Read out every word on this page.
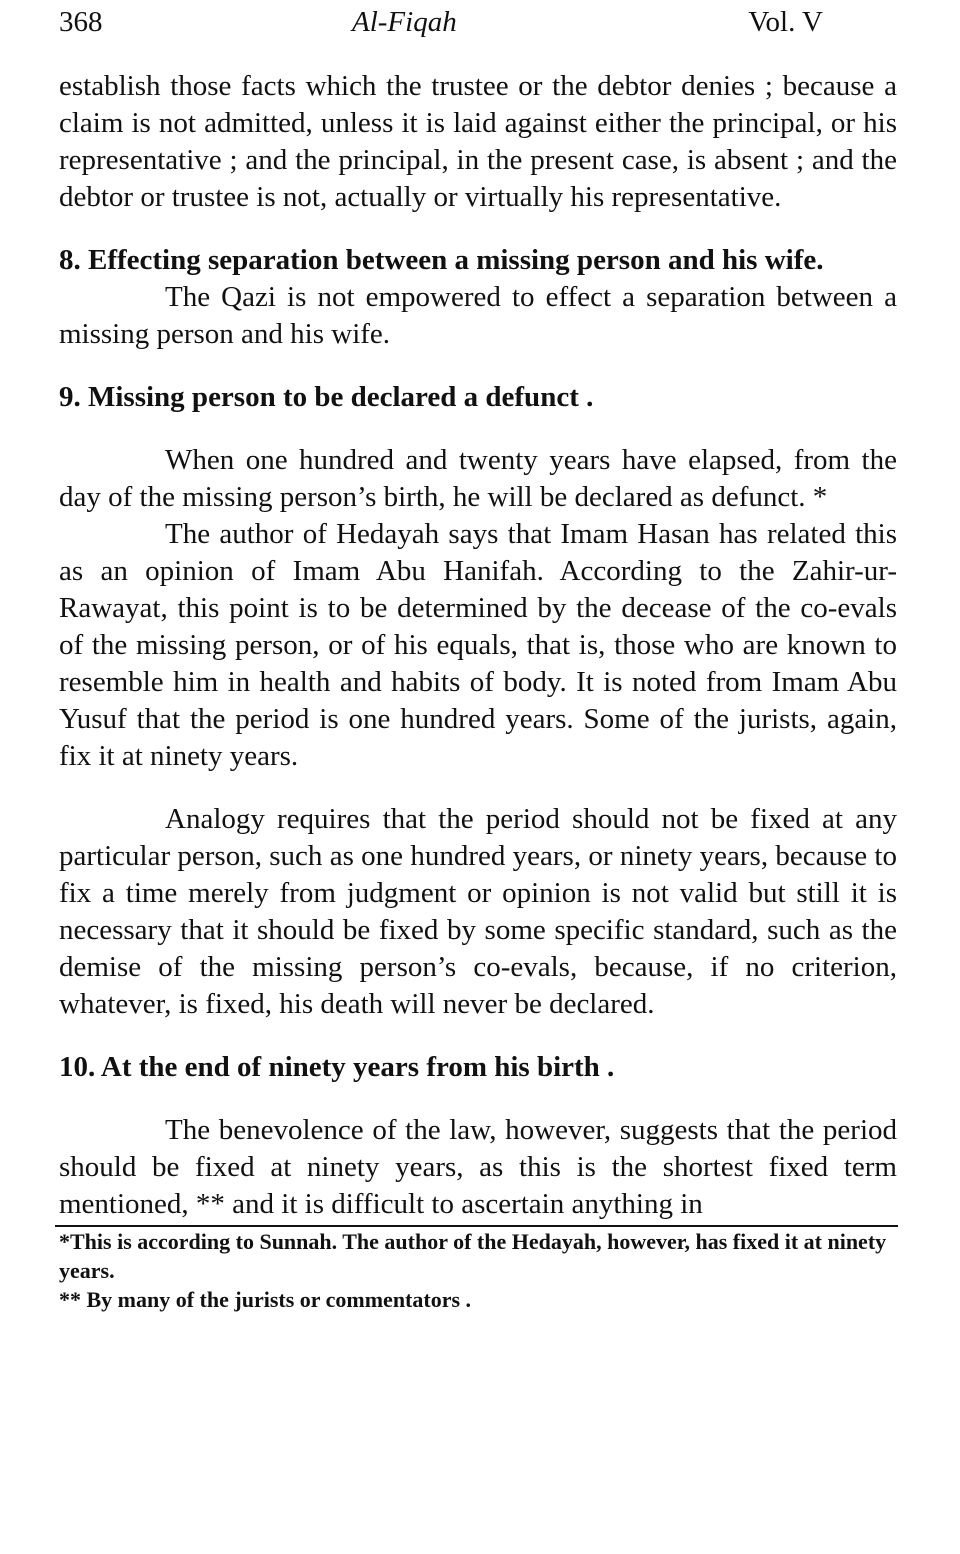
368	Al-Fiqah	Vol. V

establish those facts which the trustee or the debtor denies ; because a claim is not admitted, unless it is laid against either the principal, or his representative ; and the principal, in the present case, is absent ; and the debtor or trustee is not, actually or virtually his representative.

8. Effecting separation between a missing person and his wife.

The Qazi is not empowered to effect a separation between a missing person and his wife.

9. Missing person to be declared a defunct .

When one hundred and twenty years have elapsed, from the day of the missing person’s birth, he will be declared as defunct. *

The author of Hedayah says that Imam Hasan has related this as an opinion of Imam Abu Hanifah. According to the Zahir-ur-Rawayat, this point is to be determined by the decease of the co-evals of the missing person, or of his equals, that is, those who are known to resemble him in health and habits of body. It is noted from Imam Abu Yusuf that the period is one hundred years. Some of the jurists, again, fix it at ninety years.

Analogy requires that the period should not be fixed at any particular person, such as one hundred years, or ninety years, because to fix a time merely from judgment or opinion is not valid but still it is necessary that it should be fixed by some specific standard, such as the demise of the missing person’s co-evals, because, if no criterion, whatever, is fixed, his death will never be declared.

10. At the end of ninety years from his birth .

The benevolence of the law, however, suggests that the period should be fixed at ninety years, as this is the shortest fixed term mentioned, ** and it is difficult to ascertain anything in

*This is according to Sunnah. The author of the Hedayah, however, has fixed it at ninety years.

** By many of the jurists or commentators .
